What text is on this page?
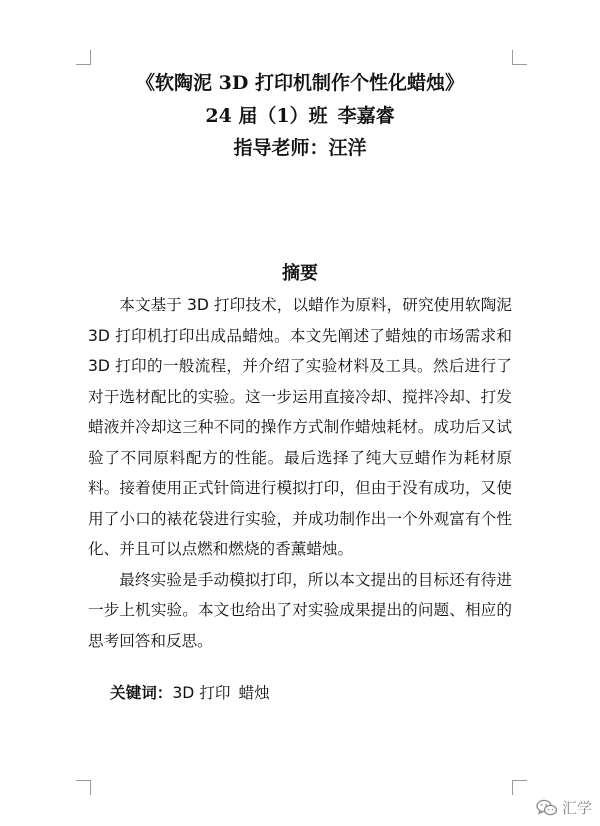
《软陶泥 3D 打印机制作个性化蜡烛》
24 届（1）班 李嘉睿
指导老师：汪洋
摘要

本文基于 3D 打印技术，以蜡作为原料，研究使用软陶泥 3D 打印机打印出成品蜡烛。本文先阐述了蜡烛的市场需求和 3D 打印的一般流程，并介绍了实验材料及工具。然后进行了对于选材配比的实验。这一步运用直接冷却、搅拌冷却、打发蜡液并冷却这三种不同的操作方式制作蜡烛耗材。成功后又试验了不同原料配方的性能。最后选择了纯大豆蜡作为耗材原料。接着使用正式针筒进行模拟打印，但由于没有成功，又使用了小口的裱花袋进行实验，并成功制作出一个外观富有个性化、并且可以点燃和燃烧的香薰蜡烛。

最终实验是手动模拟打印，所以本文提出的目标还有待进一步上机实验。本文也给出了对实验成果提出的问题、相应的思考回答和反思。

关键词：3D 打印 蜡烛
汇学
